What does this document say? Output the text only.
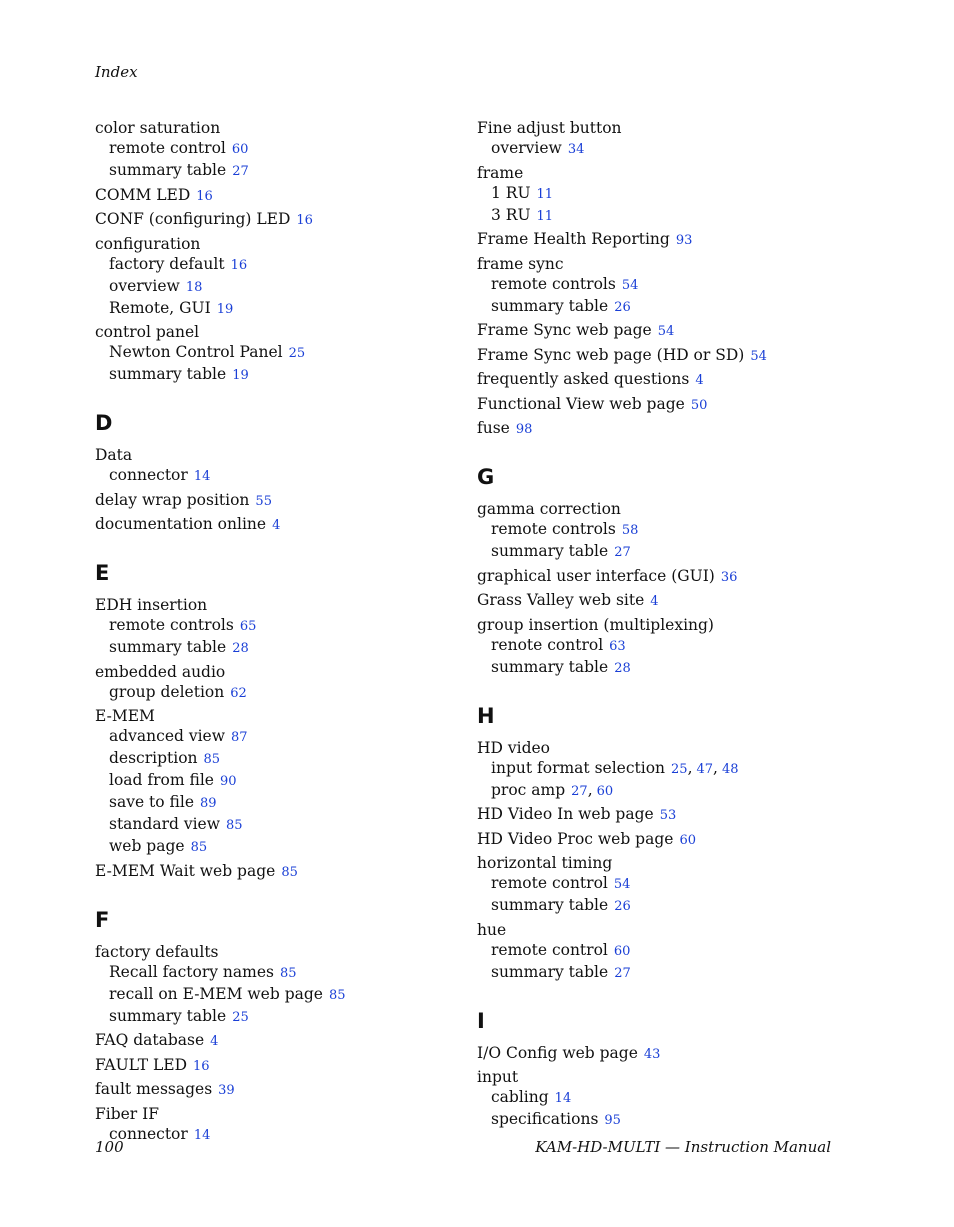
Index
color saturation
remote control 60
summary table 27
COMM LED 16
CONF (configuring) LED 16
configuration
factory default 16
overview 18
Remote, GUI 19
control panel
Newton Control Panel 25
summary table 19
D
Data
connector 14
delay wrap position 55
documentation online 4
E
EDH insertion
remote controls 65
summary table 28
embedded audio
group deletion 62
E-MEM
advanced view 87
description 85
load from file 90
save to file 89
standard view 85
web page 85
E-MEM Wait web page 85
F
factory defaults
Recall factory names 85
recall on E-MEM web page 85
summary table 25
FAQ database 4
FAULT LED 16
fault messages 39
Fiber IF
connector 14
Fine adjust button
overview 34
frame
1 RU 11
3 RU 11
Frame Health Reporting 93
frame sync
remote controls 54
summary table 26
Frame Sync web page 54
Frame Sync web page (HD or SD) 54
frequently asked questions 4
Functional View web page 50
fuse 98
G
gamma correction
remote controls 58
summary table 27
graphical user interface (GUI) 36
Grass Valley web site 4
group insertion (multiplexing)
renote control 63
summary table 28
H
HD video
input format selection 25, 47, 48
proc amp 27, 60
HD Video In web page 53
HD Video Proc web page 60
horizontal timing
remote control 54
summary table 26
hue
remote control 60
summary table 27
I
I/O Config web page 43
input
cabling 14
specifications 95
100	KAM-HD-MULTI — Instruction Manual
